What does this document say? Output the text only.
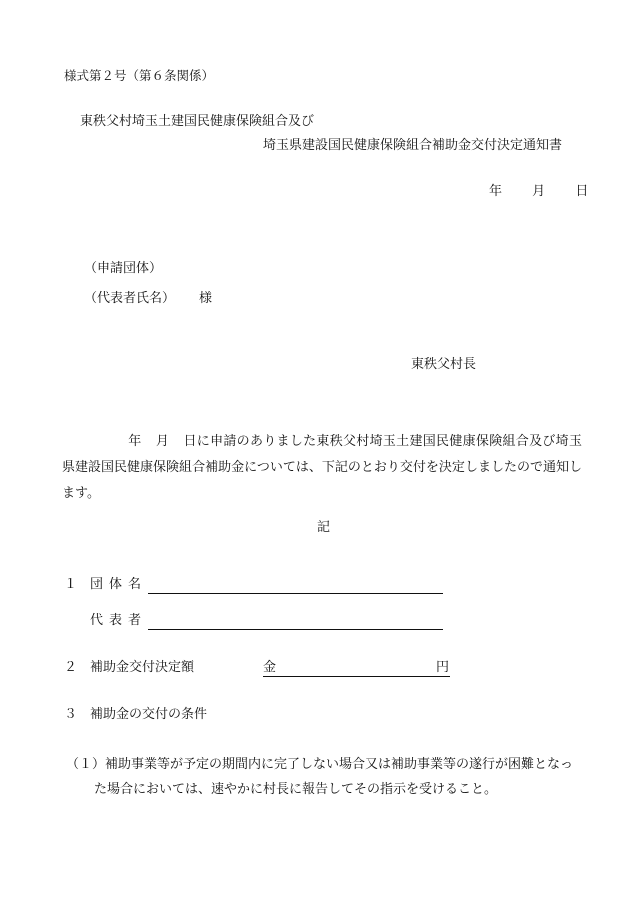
様式第２号（第６条関係）
東秩父村埼玉土建国民健康保険組合及び
埼玉県建設国民健康保険組合補助金交付決定通知書
年 月 日
（申請団体）
（代表者氏名） 様
東秩父村長
年 月 日に申請のありました東秩父村埼玉土建国民健康保険組合及び埼玉県建設国民健康保険組合補助金については、下記のとおり交付を決定しましたので通知します。
記
１ 団体名
代表者
２ 補助金交付決定額	金	円
３ 補助金の交付の条件
（１）補助事業等が予定の期間内に完了しない場合又は補助事業等の遂行が困難となった場合においては、速やかに村長に報告してその指示を受けること。
